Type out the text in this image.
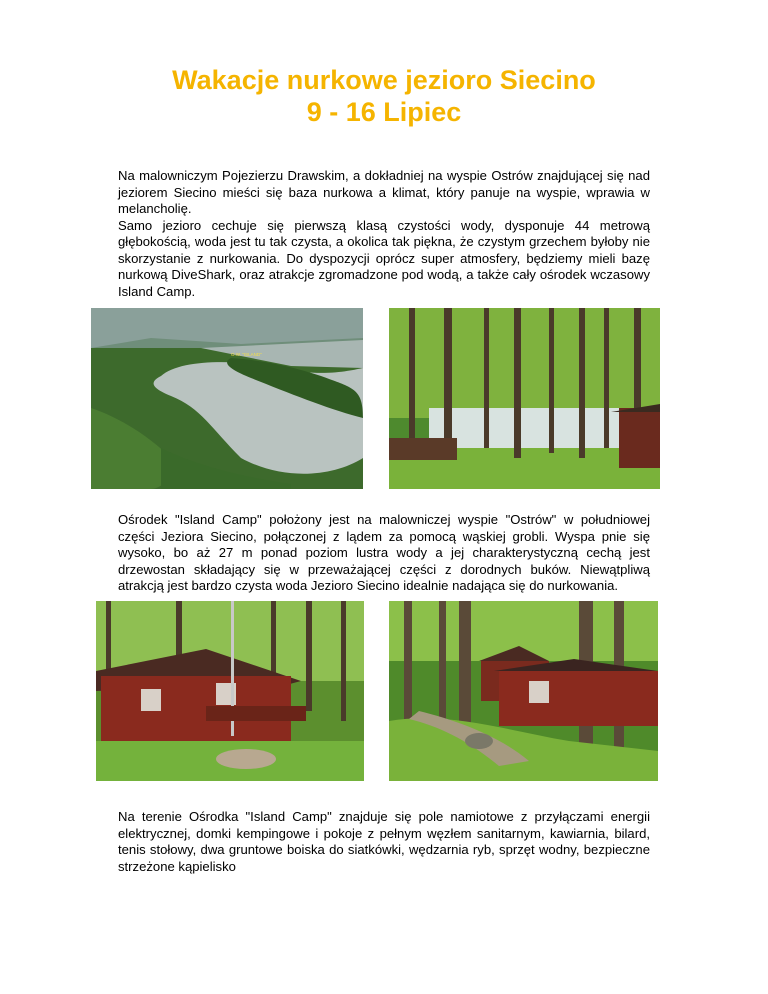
Wakacje nurkowe jezioro Siecino
9 - 16 Lipiec
Na malowniczym Pojezierzu Drawskim, a dokładniej na wyspie Ostrów znajdującej się nad jeziorem Siecino mieści się baza nurkowa a klimat, który panuje na wyspie, wprawia w melancholię.
Samo jezioro cechuje się pierwszą klasą czystości wody, dysponuje 44 metrową głębokością, woda jest tu tak czysta, a okolica tak piękna, że czystym grzechem byłoby nie skorzystanie z nurkowania. Do dyspozycji oprócz super atmosfery, będziemy mieli bazę nurkową DiveShark, oraz atrakcje zgromadzone pod wodą, a także cały ośrodek wczasowy Island Camp.
O.W. "ISLAND"
Ośrodek "Island Camp" położony jest na malowniczej wyspie "Ostrów" w południowej części Jeziora Siecino, połączonej z lądem za pomocą wąskiej grobli. Wyspa pnie się wysoko, bo aż 27 m ponad poziom lustra wody a jej charakterystyczną cechą jest drzewostan składający się w przeważającej części z dorodnych buków. Niewątpliwą atrakcją jest bardzo czysta woda Jezioro Siecino idealnie nadająca się do nurkowania.
Na terenie Ośrodka "Island Camp" znajduje się pole namiotowe z przyłączami energii elektrycznej, domki kempingowe i pokoje z pełnym węzłem sanitarnym, kawiarnia, bilard, tenis stołowy, dwa gruntowe boiska do siatkówki, wędzarnia ryb, sprzęt wodny, bezpieczne strzeżone kąpielisko
